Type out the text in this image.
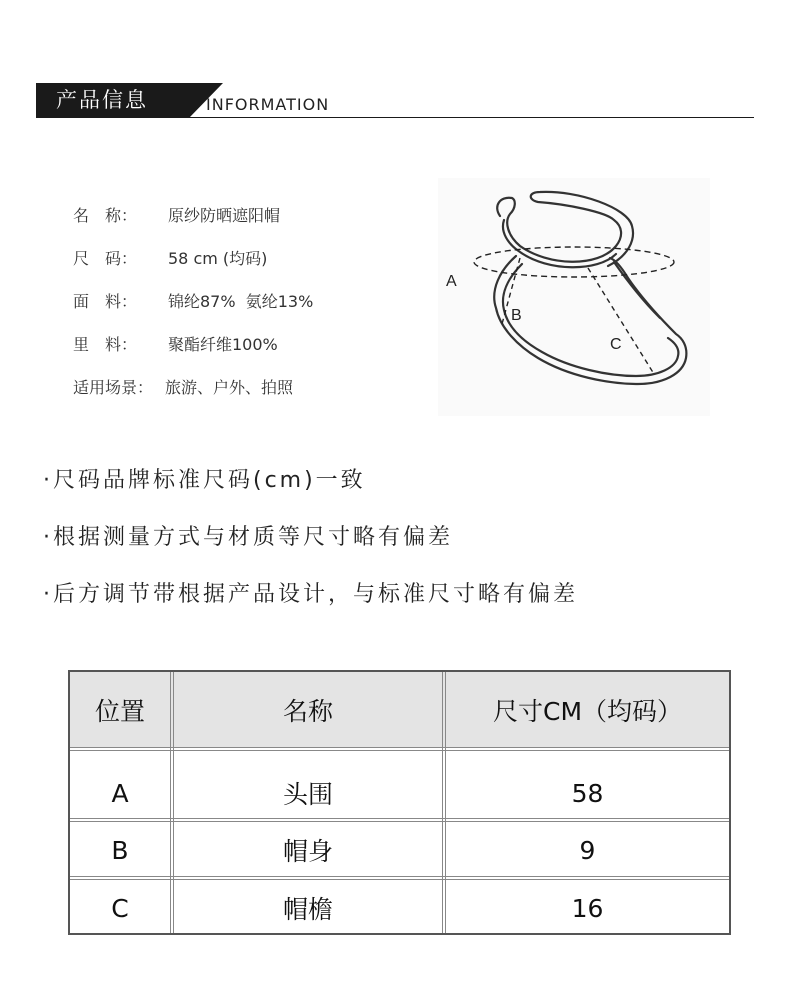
产品信息	INFORMATION
名　称：	原纱防晒遮阳帽
尺　码：	58 cm (均码)
面　料：	锦纶87%  氨纶13%
里　料：	聚酯纤维100%
适用场景： 旅游、户外、拍照
A
B
C
·尺码品牌标准尺码(cm)一致
·根据测量方式与材质等尺寸略有偏差
·后方调节带根据产品设计，与标准尺寸略有偏差
位置	名称	尺寸CM（均码）
A	头围	58
B	帽身	9
C	帽檐	16
